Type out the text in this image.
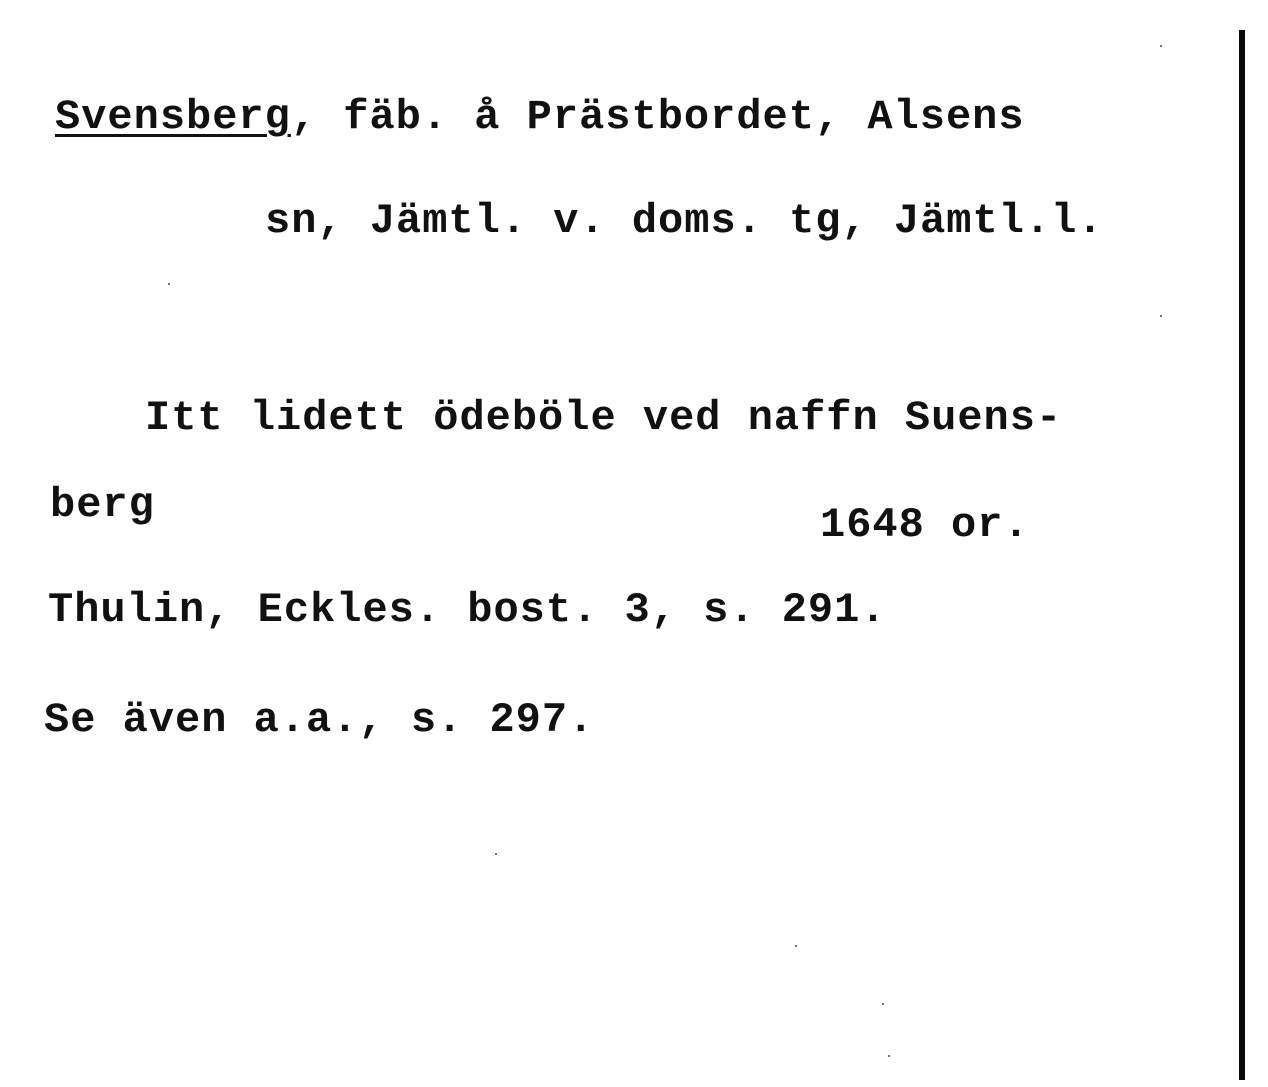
Svensberg, fäb. å Prästbordet, Alsens
sn, Jämtl. v. doms. tg, Jämtl.l.
Itt lidett ödeböle ved naffn Suens-
berg	1648 or.
Thulin, Eckles. bost. 3, s. 291.
Se även a.a., s. 297.
